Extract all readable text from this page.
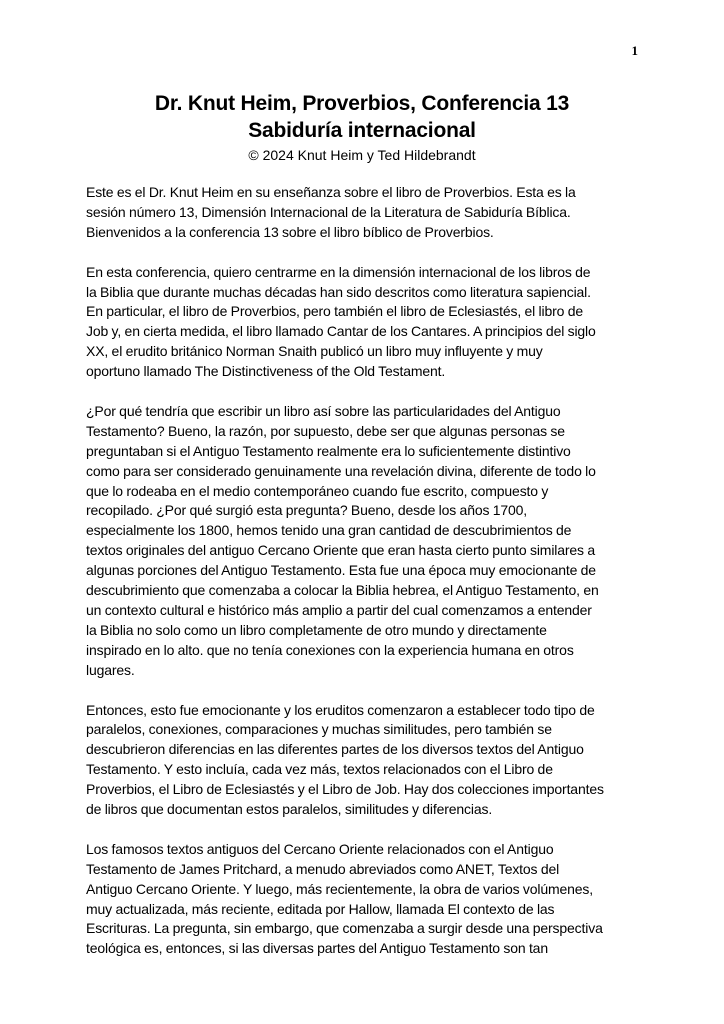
1
Dr. Knut Heim, Proverbios, Conferencia 13
Sabiduría internacional
© 2024 Knut Heim y Ted Hildebrandt
Este es el Dr. Knut Heim en su enseñanza sobre el libro de Proverbios. Esta es la
sesión número 13, Dimensión Internacional de la Literatura de Sabiduría Bíblica.
Bienvenidos a la conferencia 13 sobre el libro bíblico de Proverbios.
En esta conferencia, quiero centrarme en la dimensión internacional de los libros de
la Biblia que durante muchas décadas han sido descritos como literatura sapiencial.
En particular, el libro de Proverbios, pero también el libro de Eclesiastés, el libro de
Job y, en cierta medida, el libro llamado Cantar de los Cantares. A principios del siglo
XX, el erudito británico Norman Snaith publicó un libro muy influyente y muy
oportuno llamado The Distinctiveness of the Old Testament.
¿Por qué tendría que escribir un libro así sobre las particularidades del Antiguo
Testamento? Bueno, la razón, por supuesto, debe ser que algunas personas se
preguntaban si el Antiguo Testamento realmente era lo suficientemente distintivo
como para ser considerado genuinamente una revelación divina, diferente de todo lo
que lo rodeaba en el medio contemporáneo cuando fue escrito, compuesto y
recopilado. ¿Por qué surgió esta pregunta? Bueno, desde los años 1700,
especialmente los 1800, hemos tenido una gran cantidad de descubrimientos de
textos originales del antiguo Cercano Oriente que eran hasta cierto punto similares a
algunas porciones del Antiguo Testamento. Esta fue una época muy emocionante de
descubrimiento que comenzaba a colocar la Biblia hebrea, el Antiguo Testamento, en
un contexto cultural e histórico más amplio a partir del cual comenzamos a entender
la Biblia no solo como un libro completamente de otro mundo y directamente
inspirado en lo alto. que no tenía conexiones con la experiencia humana en otros
lugares.
Entonces, esto fue emocionante y los eruditos comenzaron a establecer todo tipo de
paralelos, conexiones, comparaciones y muchas similitudes, pero también se
descubrieron diferencias en las diferentes partes de los diversos textos del Antiguo
Testamento. Y esto incluía, cada vez más, textos relacionados con el Libro de
Proverbios, el Libro de Eclesiastés y el Libro de Job. Hay dos colecciones importantes
de libros que documentan estos paralelos, similitudes y diferencias.
Los famosos textos antiguos del Cercano Oriente relacionados con el Antiguo
Testamento de James Pritchard, a menudo abreviados como ANET, Textos del
Antiguo Cercano Oriente. Y luego, más recientemente, la obra de varios volúmenes,
muy actualizada, más reciente, editada por Hallow, llamada El contexto de las
Escrituras. La pregunta, sin embargo, que comenzaba a surgir desde una perspectiva
teológica es, entonces, si las diversas partes del Antiguo Testamento son tan
